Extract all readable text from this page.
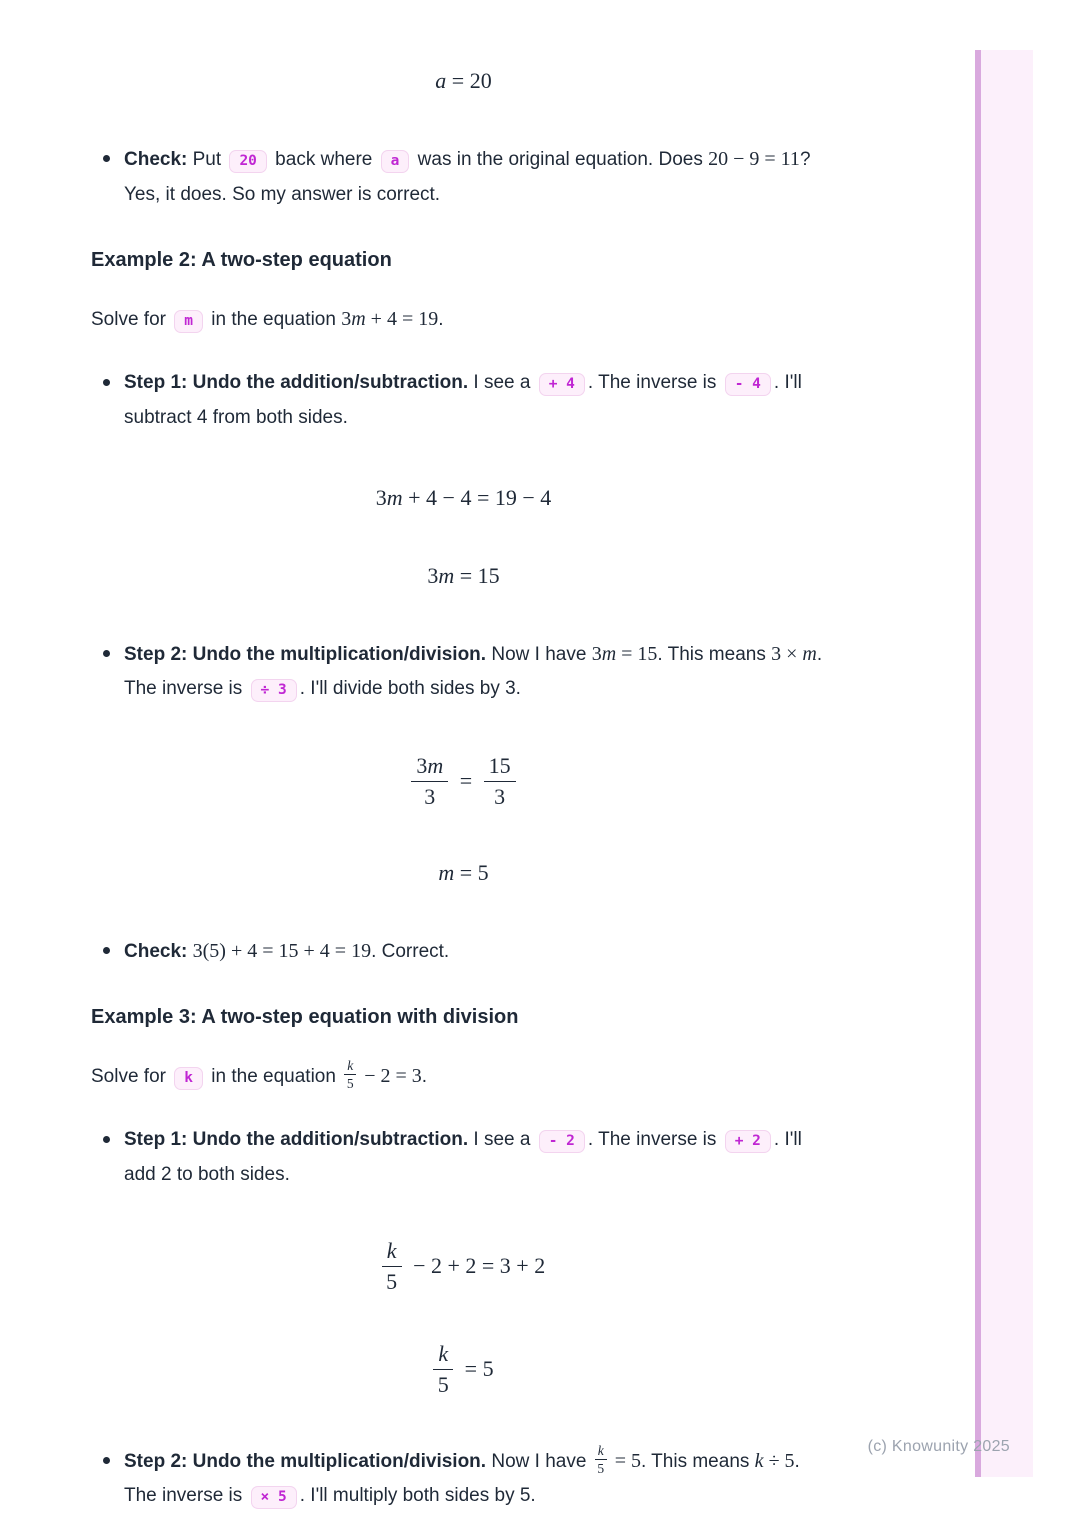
a = 20
Check: Put 20 back where a was in the original equation. Does 20 − 9 = 11? Yes, it does. So my answer is correct.
Example 2: A two-step equation

Solve for m in the equation 3m + 4 = 19.

Step 1: Undo the addition/subtraction. I see a + 4 . The inverse is - 4 . I'll subtract 4 from both sides.
3m + 4 − 4 = 19 − 4
3m = 15
Step 2: Undo the multiplication/division. Now I have 3m = 15. This means 3 × m. The inverse is ÷ 3 . I'll divide both sides by 3.
$\frac{3m}{3} = \frac{15}{3}$
m = 5
Check: 3(5) + 4 = 15 + 4 = 19. Correct.
Example 3: A two-step equation with division

Solve for k in the equation $\frac{k}{5} - 2 = 3$.

Step 1: Undo the addition/subtraction. I see a - 2 . The inverse is + 2 . I'll add 2 to both sides.
$\frac{k}{5} - 2 + 2 = 3 + 2$
$\frac{k}{5} = 5$
Step 2: Undo the multiplication/division. Now I have $\frac{k}{5} = 5$. This means k ÷ 5. The inverse is × 5 . I'll multiply both sides by 5.
(c) Knowunity 2025
